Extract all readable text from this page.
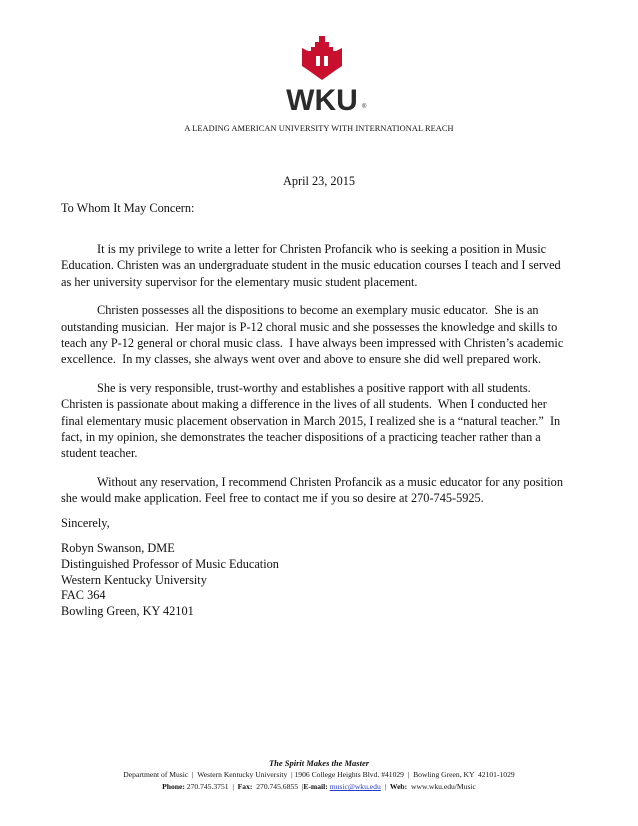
WKU ®
A LEADING AMERICAN UNIVERSITY WITH INTERNATIONAL REACH
April 23, 2015
To Whom It May Concern:
It is my privilege to write a letter for Christen Profancik who is seeking a position in Music
Education. Christen was an undergraduate student in the music education courses I teach and I served
as her university supervisor for the elementary music student placement.
Christen possesses all the dispositions to become an exemplary music educator.  She is an
outstanding musician.  Her major is P-12 choral music and she possesses the knowledge and skills to
teach any P-12 general or choral music class.  I have always been impressed with Christen’s academic
excellence.  In my classes, she always went over and above to ensure she did well prepared work.
She is very responsible, trust-worthy and establishes a positive rapport with all students.
Christen is passionate about making a difference in the lives of all students.  When I conducted her
final elementary music placement observation in March 2015, I realized she is a “natural teacher.”  In
fact, in my opinion, she demonstrates the teacher dispositions of a practicing teacher rather than a
student teacher.
Without any reservation, I recommend Christen Profancik as a music educator for any position
she would make application. Feel free to contact me if you so desire at 270-745-5925.
Sincerely,
Robyn Swanson, DME
Distinguished Professor of Music Education
Western Kentucky University
FAC 364
Bowling Green, KY 42101
The Spirit Makes the Master
Department of Music  |  Western Kentucky University  | 1906 College Heights Blvd. #41029  |  Bowling Green, KY  42101-1029
Phone: 270.745.3751  |  Fax:  270.745.6855  |E-mail: music@wku.edu  |  Web:  www.wku.edu/Music
